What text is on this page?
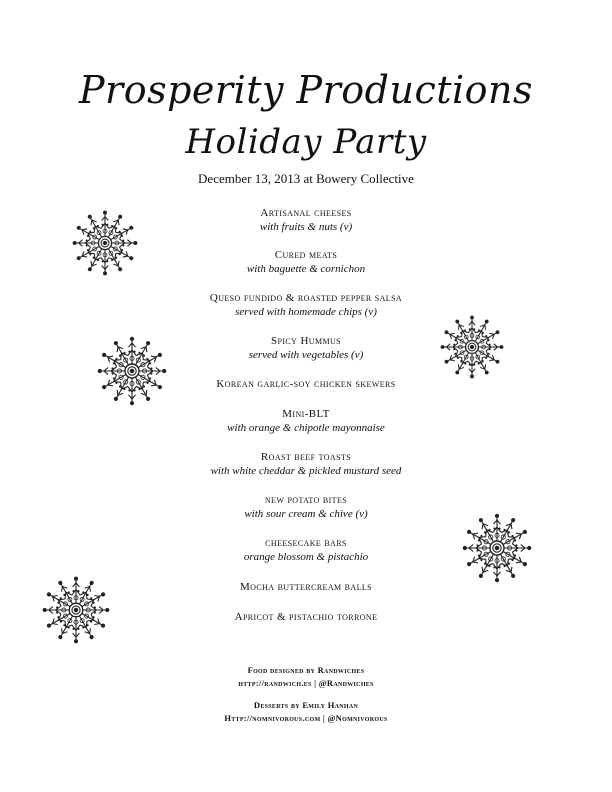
Prosperity Productions
Holiday Party
December 13, 2013 at Bowery Collective
Artisanal cheeses
with fruits & nuts (v)
Cured meats
with baguette & cornichon
Queso fundido & roasted pepper salsa
served with homemade chips (v)
Spicy Hummus
served with vegetables (v)
Korean garlic-soy chicken skewers
Mini-BLT
with orange & chipotle mayonnaise
Roast beef toasts
with white cheddar & pickled mustard seed
new potato bites
with sour cream & chive (v)
cheesecake bars
orange blossom & pistachio
Mocha buttercream balls
Apricot & pistachio torrone
Food designed by Randwiches
http://randwich.es | @Randwiches
Desserts by Emily Hanhan
Http://nomnivorous.com | @Nomnivorous
